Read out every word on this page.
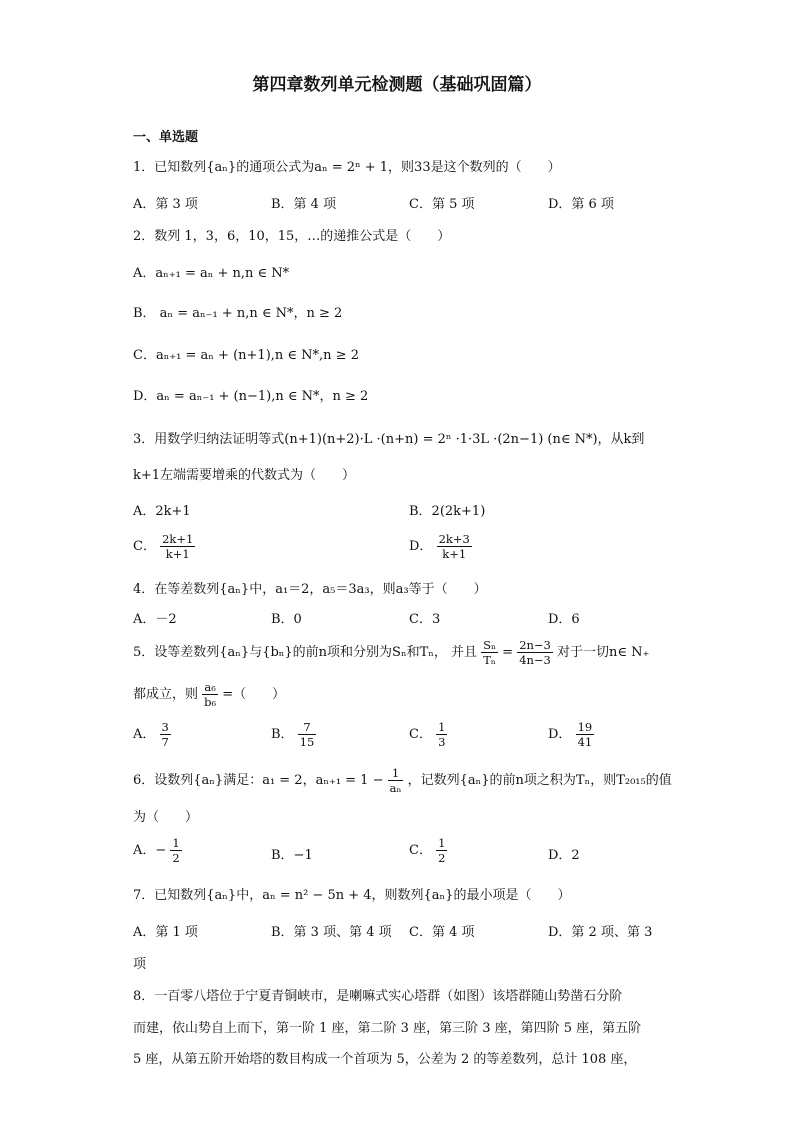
第四章数列单元检测题（基础巩固篇）
一、单选题
1．已知数列{aₙ}的通项公式为aₙ = 2ⁿ + 1，则33是这个数列的（　　）
A．第 3 项	B．第 4 项	C．第 5 项	D．第 6 项
2．数列 1，3，6，10，15，…的递推公式是（　　）
A．aₙ₊₁ = aₙ + n,n ∈ N*
B． aₙ = aₙ₋₁ + n,n ∈ N*，n ≥ 2
C．aₙ₊₁ = aₙ + (n+1),n ∈ N*,n ≥ 2
D．aₙ = aₙ₋₁ + (n−1),n ∈ N*，n ≥ 2
3．用数学归纳法证明等式(n+1)(n+2)·L ·(n+n) = 2ⁿ ·1·3L ·(2n−1) (n∈ N*)，从k到
k+1左端需要增乘的代数式为（　　）
A．2k+1	B．2(2k+1)
C． $\frac{2k+1}{k+1}$	D． $\frac{2k+3}{k+1}$
4．在等差数列{aₙ}中，a₁＝2，a₅＝3a₃，则a₃等于（　　）
A．－2	B．0	C．3	D．6
5．设等差数列{aₙ}与{bₙ}的前n项和分别为Sₙ和Tₙ， 并且 $\frac{\text{Sₙ}}{\text{Tₙ}} = \frac{2n-3}{4n-3}$ 对于一切n∈ N₊
都成立，则 $\frac{\text{a₆}}{\text{b₆}}$ =（　　）
A． $\frac{3}{7}$	B． $\frac{7}{15}$	C． $\frac{1}{3}$	D． $\frac{19}{41}$
6．设数列{aₙ}满足：a₁ = 2，$a_{n+1} = 1 - \frac{1}{\text{aₙ}}$ ，记数列{aₙ}的前n项之积为Tₙ，则T₂₀₁₅的值
为（　　）
A．− $\frac{1}{2}$	B．−1	C． $\frac{1}{2}$	D．2
7．已知数列{aₙ}中，aₙ = n² − 5n + 4，则数列{aₙ}的最小项是（　　）
A．第 1 项	B．第 3 项、第 4 项 C．第 4 项	D．第 2 项、第 3
项
8．一百零八塔位于宁夏青铜峡市，是喇嘛式实心塔群（如图）该塔群随山势凿石分阶
而建，依山势自上而下，第一阶 1 座，第二阶 3 座，第三阶 3 座，第四阶 5 座，第五阶
5 座，从第五阶开始塔的数目构成一个首项为 5，公差为 2 的等差数列，总计 108 座，
